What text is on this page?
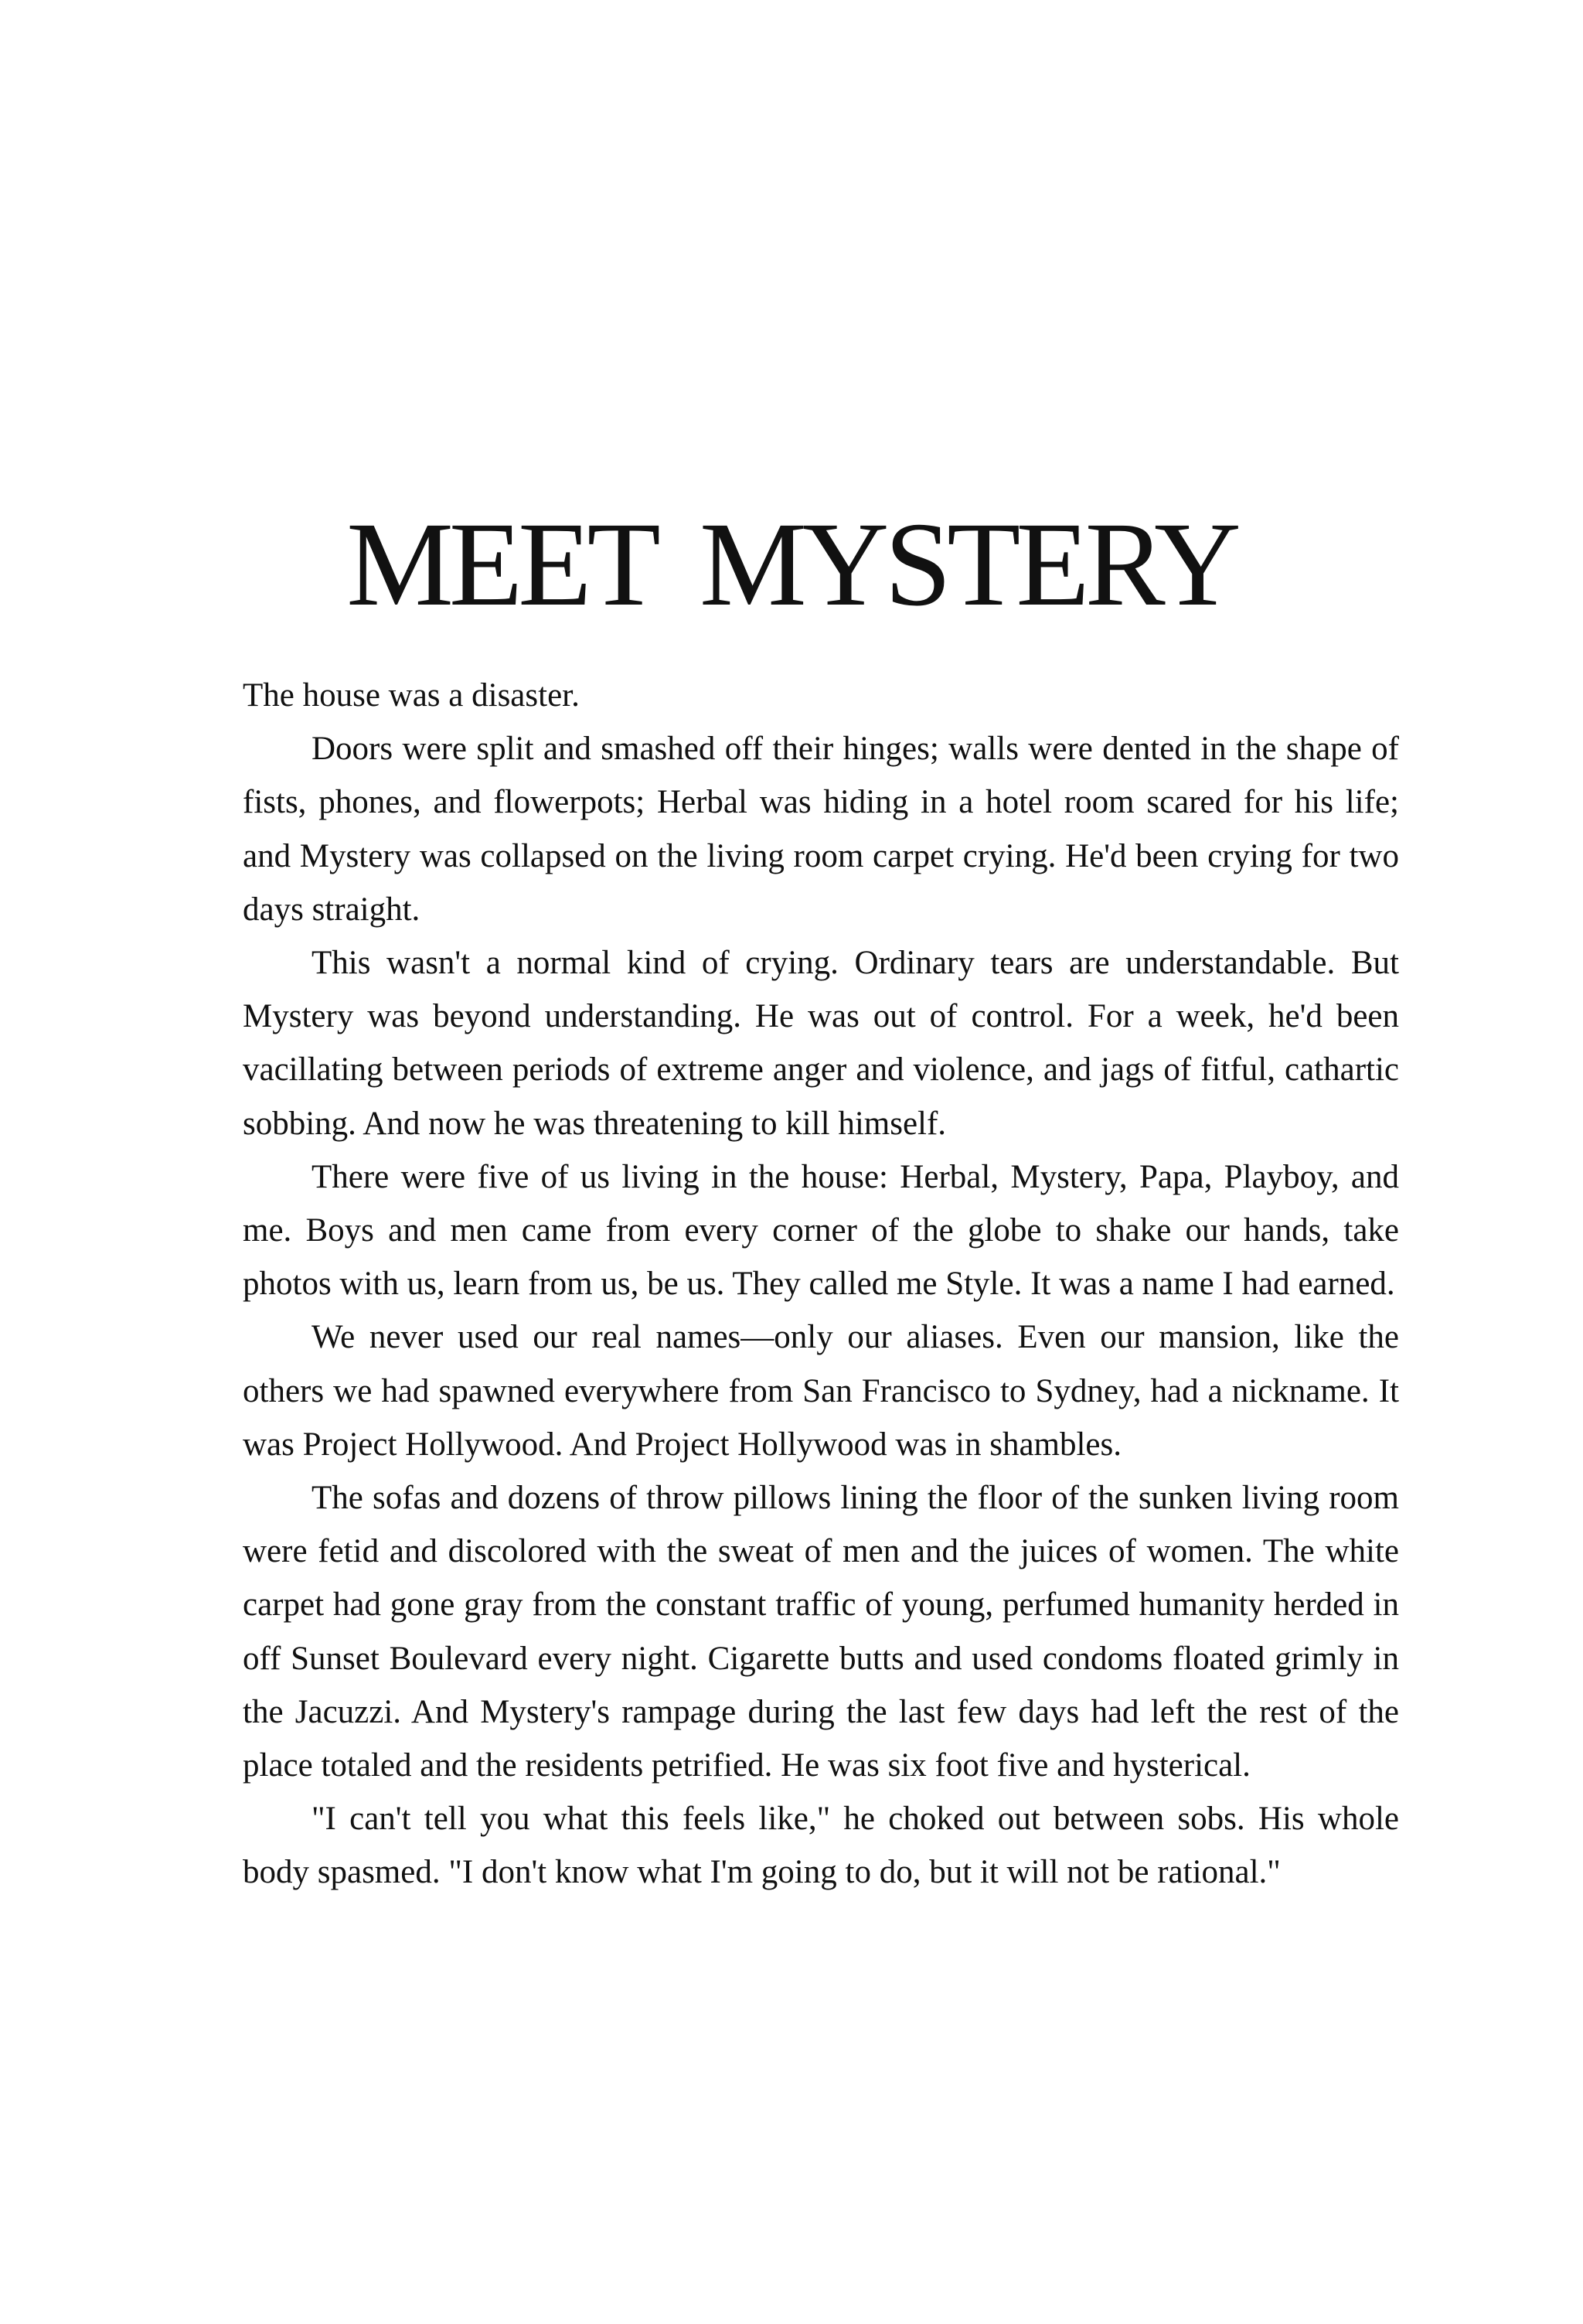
MEET MYSTERY

The house was a disaster.

Doors were split and smashed off their hinges; walls were dented in the shape of fists, phones, and flowerpots; Herbal was hiding in a hotel room scared for his life; and Mystery was collapsed on the living room carpet crying. He'd been crying for two days straight.

This wasn't a normal kind of crying. Ordinary tears are understandable. But Mystery was beyond understanding. He was out of control. For a week, he'd been vacillating between periods of extreme anger and violence, and jags of fitful, cathartic sobbing. And now he was threatening to kill himself.

There were five of us living in the house: Herbal, Mystery, Papa, Playboy, and me. Boys and men came from every corner of the globe to shake our hands, take photos with us, learn from us, be us. They called me Style. It was a name I had earned.

We never used our real names—only our aliases. Even our mansion, like the others we had spawned everywhere from San Francisco to Sydney, had a nickname. It was Project Hollywood. And Project Hollywood was in shambles.

The sofas and dozens of throw pillows lining the floor of the sunken living room were fetid and discolored with the sweat of men and the juices of women. The white carpet had gone gray from the constant traffic of young, perfumed humanity herded in off Sunset Boulevard every night. Cigarette butts and used condoms floated grimly in the Jacuzzi. And Mystery's rampage during the last few days had left the rest of the place totaled and the residents petrified. He was six foot five and hysterical.

"I can't tell you what this feels like," he choked out between sobs. His whole body spasmed. "I don't know what I'm going to do, but it will not be rational."
